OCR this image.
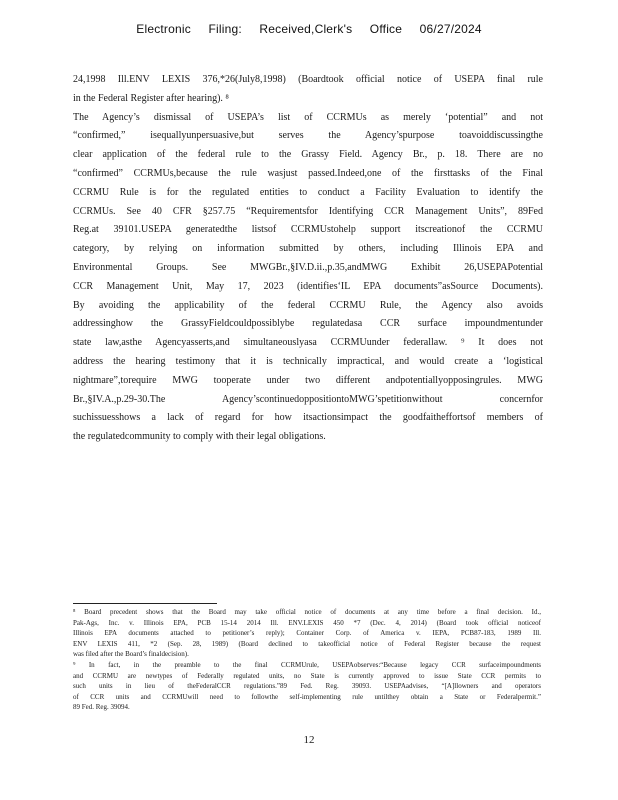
Electronic Filing: Received,Clerk's Office 06/27/2024

24,1998 Ill.ENV LEXIS 376,*26(July8,1998) (Boardtook official notice of USEPA final rule

in the Federal Register after hearing). ⁸

The Agency’s dismissal of USEPA’s list of CCRMUs as merely ‘potential” and not

“confirmed,” isequallyunpersuasive,but serves the Agency’spurpose toavoiddiscussingthe

clear application of the federal rule to the Grassy Field. Agency Br., p. 18. There are no

“confirmed” CCRMUs,because the rule wasjust passed.Indeed,one of the firsttasks of the Final

CCRMU Rule is for the regulated entities to conduct a Facility Evaluation to identify the

CCRMUs. See 40 CFR §257.75 “Requirementsfor Identifying CCR Management Units”, 89Fed

Reg.at 39101.USEPA generatedthe listsof CCRMUstohelp support itscreationof the CCRMU

category, by relying on information submitted by others, including Illinois EPA and

Environmental Groups. See MWGBr.,§IV.D.ii.,p.35,andMWG Exhibit 26,USEPAPotential

CCR Management Unit, May 17, 2023 (identifies‘IL EPA documents”asSource Documents).

By avoiding the applicability of the federal CCRMU Rule, the Agency also avoids

addressinghow the GrassyFieldcouldpossiblybe regulatedasa CCR surface impoundmentunder

state law,asthe Agencyasserts,and simultaneouslyasa CCRMUunder federallaw. ⁹ It does not

address the hearing testimony that it is technically impractical, and would create a ‘logistical

nightmare”,torequire MWG tooperate under two different andpotentiallyopposingrules. MWG

Br.,§IV.A.,p.29-30.The Agency’scontinuedoppositiontoMWG’spetitionwithout concernfor

suchissuesshows a lack of regard for how itsactionsimpact the goodfaitheffortsof members of

the regulatedcommunity to comply with their legal obligations.

⁸ Board precedent shows that the Board may take official notice of documents at any time before a final decision. Id.,

Pak-Ags, Inc. v. Illinois EPA, PCB 15-14 2014 Ill. ENV.LEXIS 450 *7 (Dec. 4, 2014) (Board took official noticeof

Illinois EPA documents attached to petitioner’s reply); Container Corp. of America v. IEPA, PCB87-183, 1989 Ill.

ENV LEXIS 411, *2 (Sep. 28, 1989) (Board declined to takeofficial notice of Federal Register because the request

was filed after the Board’s finaldecision).

⁹ In fact, in the preamble to the final CCRMUrule, USEPAobserves:“Because legacy CCR surfaceimpoundments

and CCRMU are newtypes of Federally regulated units, no State is currently approved to issue State CCR permits to

such units in lieu of theFederalCCR regulations.”89 Fed. Reg. 39093. USEPAadvises, “[A]llowners and operators

of CCR units and CCRMUwill need to followthe self-implementing rule untilthey obtain a State or Federalpermit.”

89 Fed. Reg. 39094.

12
